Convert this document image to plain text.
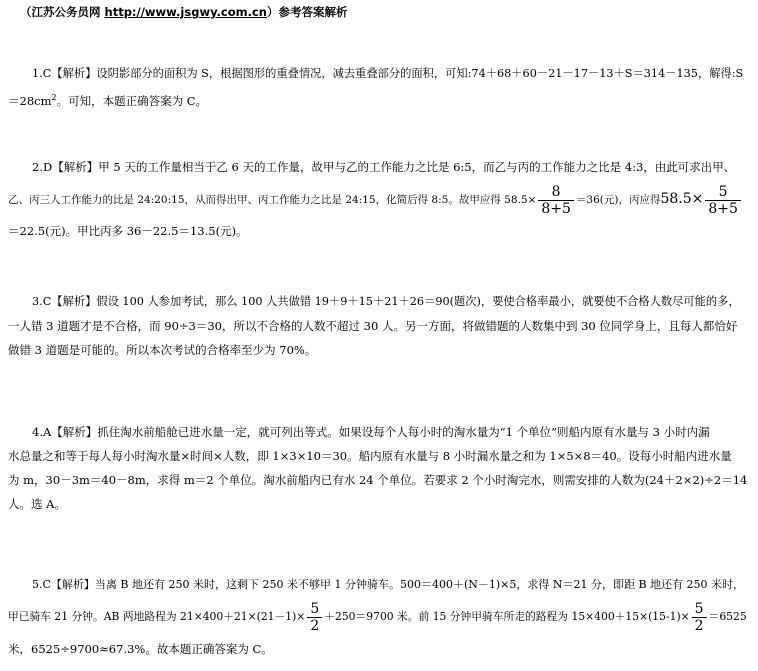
（江苏公务员网 http://www.jsgwy.com.cn）参考答案解析
1.C【解析】设阴影部分的面积为 S，根据图形的重叠情况，减去重叠部分的面积，可知:74＋68＋60－21－17－13＋S＝314－135，解得:S
$=28cm^2$。可知，本题正确答案为 C。
2.D【解析】甲 5 天的工作量相当于乙 6 天的工作量，故甲与乙的工作能力之比是 6:5，而乙与丙的工作能力之比是 4:3，由此可求出甲、
乙、丙三人工作能力的比是 24:20:15，从而得出甲、丙工作能力之比是 24:15，化简后得 8:5。故甲应得 $58.5\times \frac{8}{8+5} =36$(元)，丙应得$58.5\times \frac{5}{8+5}$
＝22.5(元)。甲比丙多 36－22.5＝13.5(元)。
3.C【解析】假设 100 人参加考试，那么 100 人共做错 19＋9＋15＋21＋26＝90(题次)，要使合格率最小，就要使不合格人数尽可能的多，
一人错 3 道题才是不合格，而 90÷3＝30，所以不合格的人数不超过 30 人。另一方面，将做错题的人数集中到 30 位同学身上，且每人都恰好
做错 3 道题是可能的。所以本次考试的合格率至少为 70%。
4.A【解析】抓住淘水前船舱已进水量一定，就可列出等式。如果设每个人每小时的淘水量为“1 个单位”则船内原有水量与 3 小时内漏
水总量之和等于每人每小时淘水量×时间×人数，即 1×3×10＝30。船内原有水量与 8 小时漏水量之和为 1×5×8＝40。设每小时船内进水量
为 m，30－3m＝40－8m，求得 m＝2 个单位。淘水前船内已有水 24 个单位。若要求 2 个小时淘完水，则需安排的人数为(24＋2×2)÷2＝14
人。选 A。
5.C【解析】当离 B 地还有 250 米时，这剩下 250 米不够甲 1 分钟骑车。500＝400＋(N－1)×5，求得 N＝21 分，即距 B 地还有 250 米时，
甲已骑车 21 分钟。AB 两地路程为 $21\times 400+21\times(21-1)\times \frac{5}{2} +250=9700$ 米。前 15 分钟甲骑车所走的路程为 $15\times 400+15\times(15-1)\times \frac{5}{2} =6525$
米，6525÷9700≈67.3%。故本题正确答案为 C。
